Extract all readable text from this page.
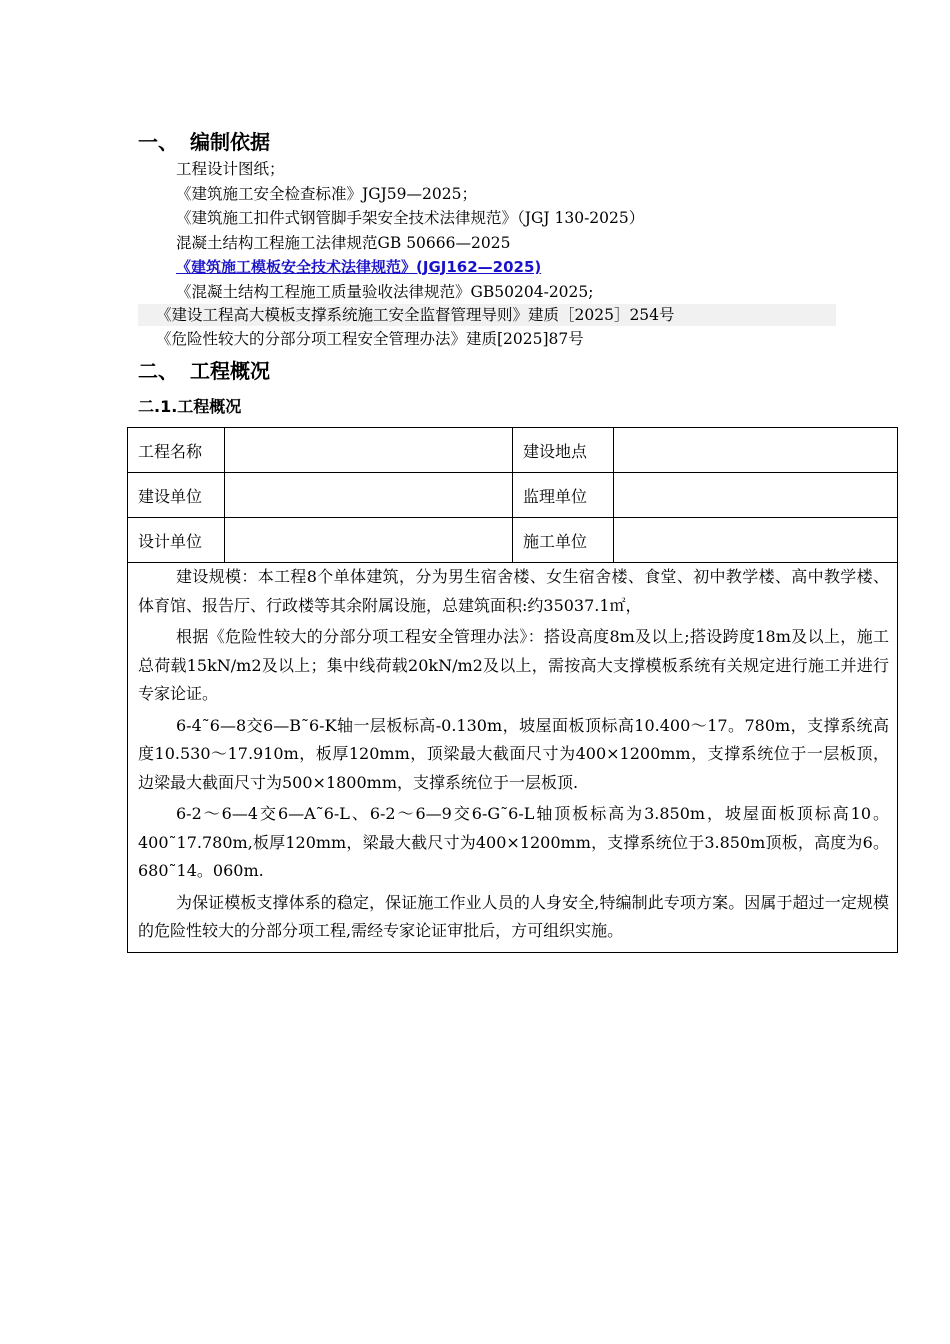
一、 编制依据
工程设计图纸；
《建筑施工安全检查标准》JGJ59—2025；
《建筑施工扣件式钢管脚手架安全技术法律规范》（JGJ 130-2025）
混凝土结构工程施工法律规范GB 50666—2025
《建筑施工模板安全技术法律规范》(JGJ162—2025)
《混凝土结构工程施工质量验收法律规范》GB50204-2025;
《建设工程高大模板支撑系统施工安全监督管理导则》建质［2025］254号
《危险性较大的分部分项工程安全管理办法》建质[2025]87号
二、 工程概况
二.1.工程概况
工程名称		建设地点	
建设单位		监理单位	
设计单位		施工单位	

建设规模：本工程8个单体建筑，分为男生宿舍楼、女生宿舍楼、食堂、初中教学楼、高中教学楼、体育馆、报告厅、行政楼等其余附属设施，总建筑面积:约35037.1㎡，

根据《危险性较大的分部分项工程安全管理办法》：搭设高度8m及以上;搭设跨度18m及以上，施工总荷载15kN/m2及以上；集中线荷载20kN/m2及以上，需按高大支撑模板系统有关规定进行施工并进行专家论证。

6-4˜6—8交6—B˜6-K轴一层板标高-0.130m，坡屋面板顶标高10.400～17。780m，支撑系统高度10.530～17.910m，板厚120mm，顶梁最大截面尺寸为400×1200mm，支撑系统位于一层板顶，边梁最大截面尺寸为500×1800mm，支撑系统位于一层板顶.

6-2～6—4交6—A˜6-L、6-2～6—9交6-G˜6-L轴顶板标高为3.850m，坡屋面板顶标高10。400˜17.780m,板厚120mm，梁最大截尺寸为400×1200mm，支撑系统位于3.850m顶板，高度为6。680˜14。060m.

为保证模板支撑体系的稳定，保证施工作业人员的人身安全,特编制此专项方案。因属于超过一定规模的危险性较大的分部分项工程,需经专家论证审批后，方可组织实施。			
